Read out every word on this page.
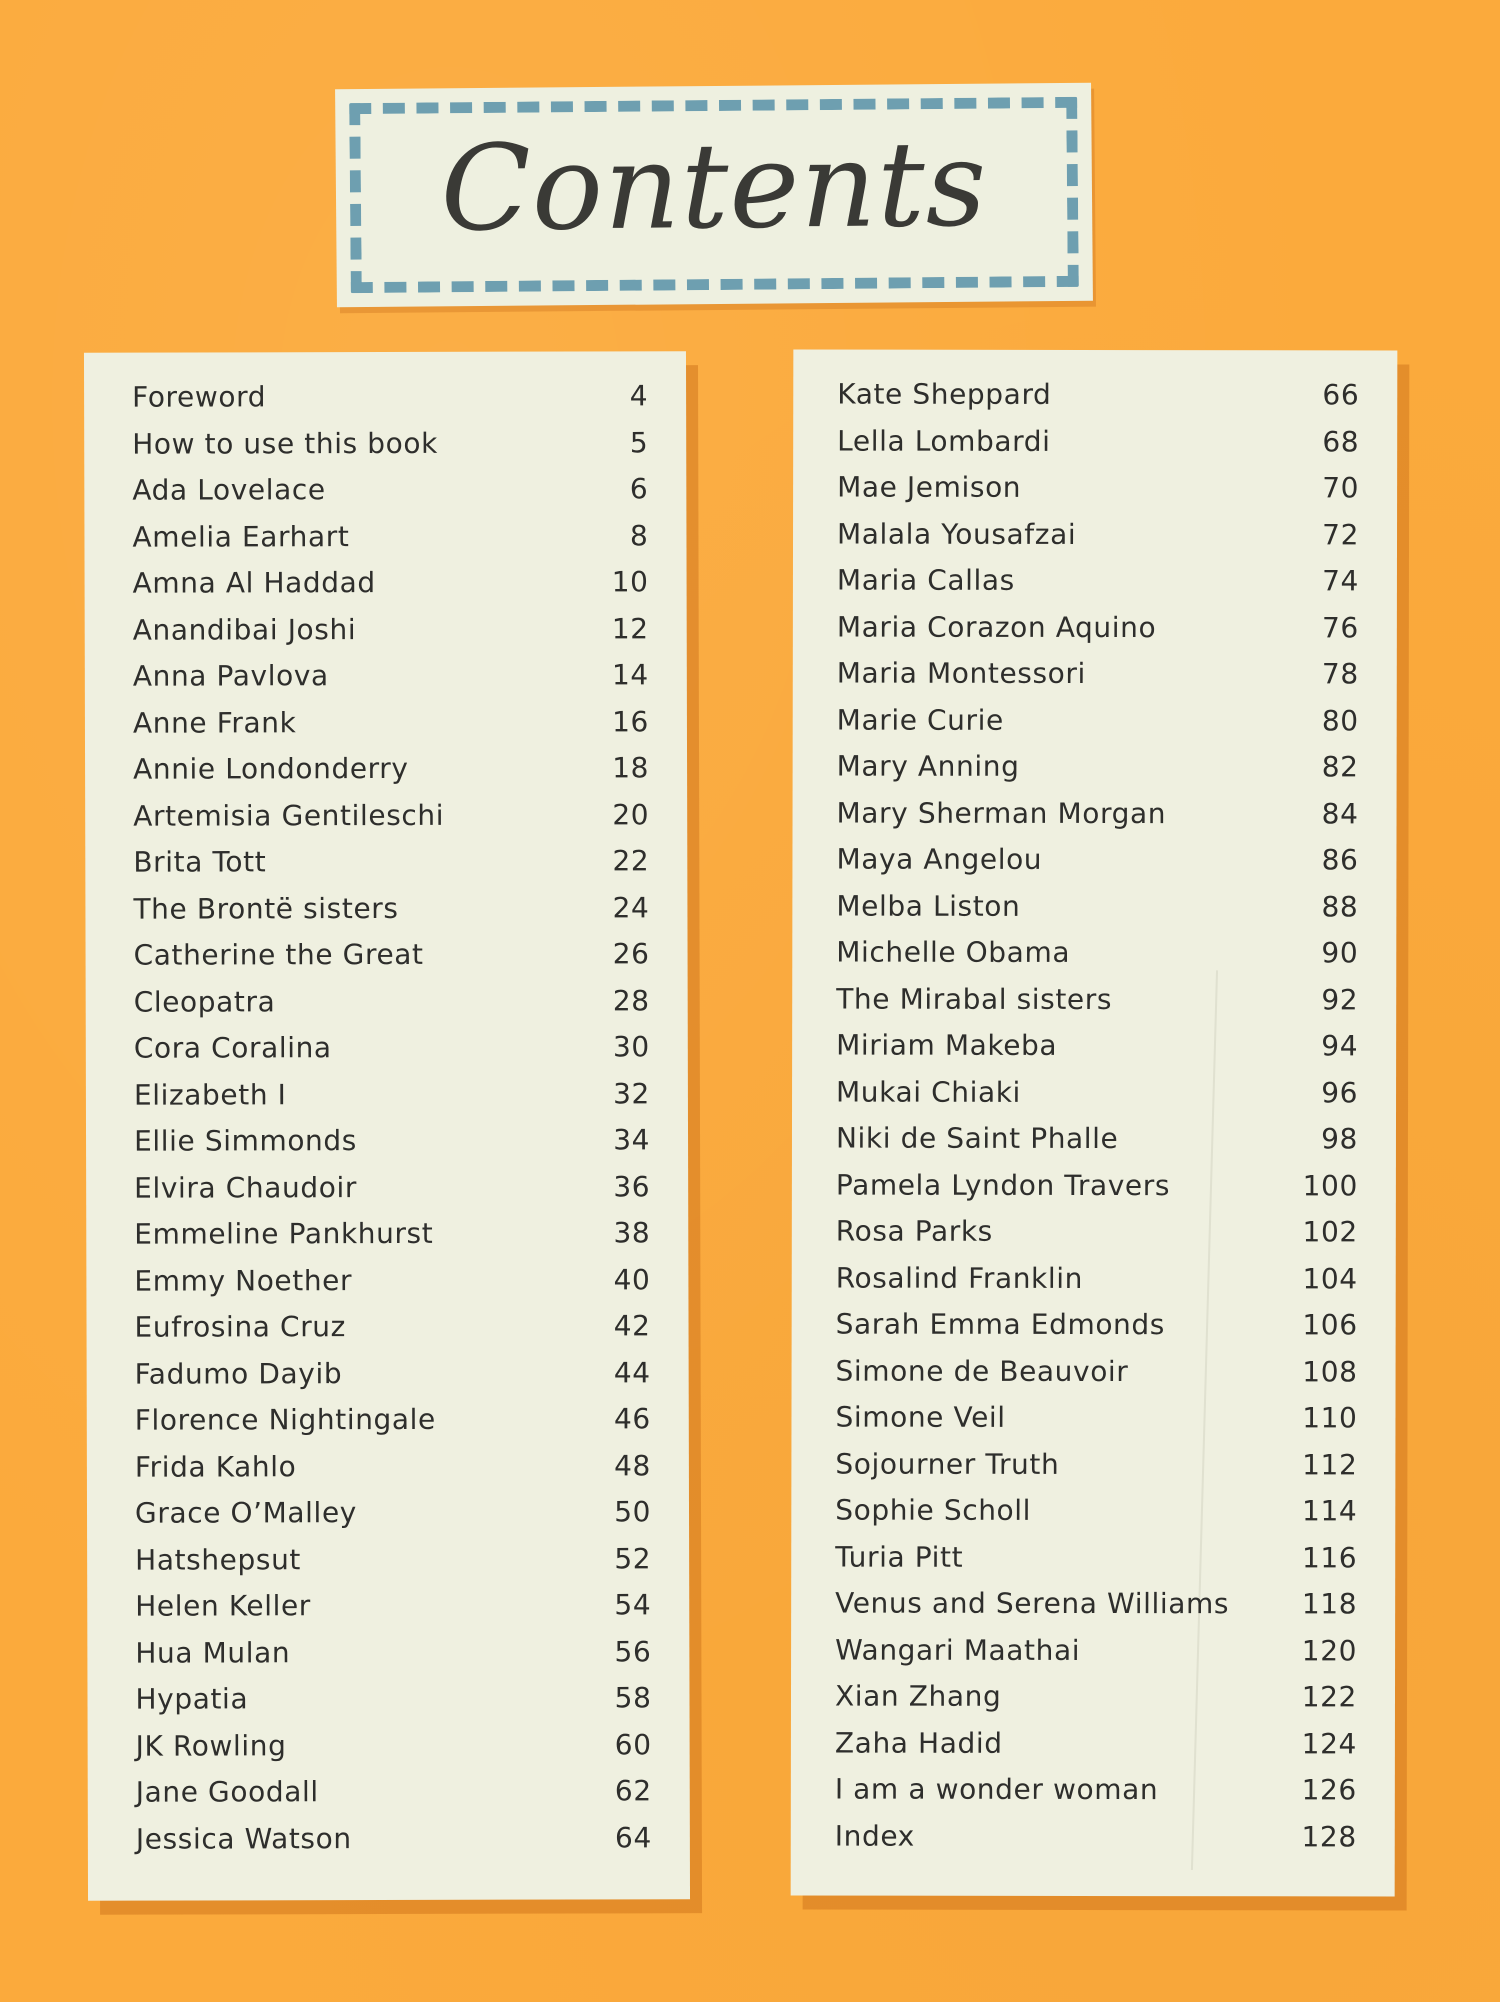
Contents
Foreword	4
How to use this book	5
Ada Lovelace	6
Amelia Earhart	8
Amna Al Haddad	10
Anandibai Joshi	12
Anna Pavlova	14
Anne Frank	16
Annie Londonderry	18
Artemisia Gentileschi	20
Brita Tott	22
The Brontë sisters	24
Catherine the Great	26
Cleopatra	28
Cora Coralina	30
Elizabeth I	32
Ellie Simmonds	34
Elvira Chaudoir	36
Emmeline Pankhurst	38
Emmy Noether	40
Eufrosina Cruz	42
Fadumo Dayib	44
Florence Nightingale	46
Frida Kahlo	48
Grace O’Malley	50
Hatshepsut	52
Helen Keller	54
Hua Mulan	56
Hypatia	58
JK Rowling	60
Jane Goodall	62
Jessica Watson	64
Kate Sheppard	66
Lella Lombardi	68
Mae Jemison	70
Malala Yousafzai	72
Maria Callas	74
Maria Corazon Aquino	76
Maria Montessori	78
Marie Curie	80
Mary Anning	82
Mary Sherman Morgan	84
Maya Angelou	86
Melba Liston	88
Michelle Obama	90
The Mirabal sisters	92
Miriam Makeba	94
Mukai Chiaki	96
Niki de Saint Phalle	98
Pamela Lyndon Travers	100
Rosa Parks	102
Rosalind Franklin	104
Sarah Emma Edmonds	106
Simone de Beauvoir	108
Simone Veil	110
Sojourner Truth	112
Sophie Scholl	114
Turia Pitt	116
Venus and Serena Williams	118
Wangari Maathai	120
Xian Zhang	122
Zaha Hadid	124
I am a wonder woman	126
Index	128
